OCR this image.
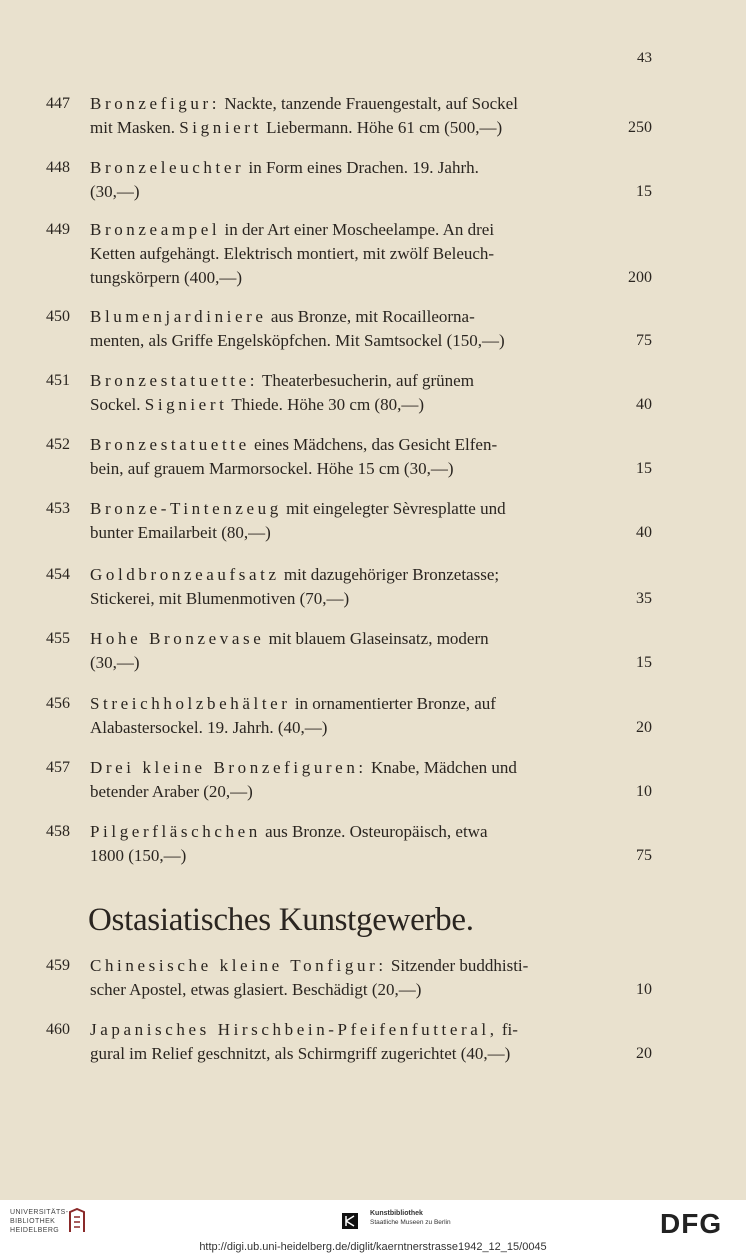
43
447 Bronzefigur: Nackte, tanzende Frauengestalt, auf Sockel
mit Masken. Signiert Liebermann. Höhe 61 cm (500,—)	250
448 Bronzeleuchter in Form eines Drachen. 19. Jahrh.
(30,—)	15
449 Bronzeampel in der Art einer Moscheelampe. An drei
Ketten aufgehängt. Elektrisch montiert, mit zwölf Beleuch-
tungskörpern (400,—)	200
450 Blumenjardiniere aus Bronze, mit Rocailleorna-
menten, als Griffe Engelsköpfchen. Mit Samtsockel (150,—)	75
451 Bronzestatuette: Theaterbesucherin, auf grünem
Sockel. Signiert Thiede. Höhe 30 cm (80,—)	40
452 Bronzestatuette eines Mädchens, das Gesicht Elfen-
bein, auf grauem Marmorsockel. Höhe 15 cm (30,—)	15
453 Bronze-Tintenzeug mit eingelegter Sèvresplatte und
bunter Emailarbeit (80,—)	40
454 Goldbronzeaufsatz mit dazugehöriger Bronzetasse;
Stickerei, mit Blumenmotiven (70,—)	35
455 Hohe Bronzevase mit blauem Glaseinsatz, modern
(30,—)	15
456 Streichholzbehälter in ornamentierter Bronze, auf
Alabastersockel. 19. Jahrh. (40,—)	20
457 Drei kleine Bronzefiguren: Knabe, Mädchen und
betender Araber (20,—)	10
458 Pilgerfläschchen aus Bronze. Osteuropäisch, etwa
1800 (150,—)	75
Ostasiatisches Kunstgewerbe.
459 Chinesische kleine Tonfigur: Sitzender buddhisti-
scher Apostel, etwas glasiert. Beschädigt (20,—)	10
460 Japanisches Hirschbein-Pfeifenfutteral, fi-
gural im Relief geschnitzt, als Schirmgriff zugerichtet (40,—)	20
UNIVERSITÄTS-
BIBLIOTHEK
HEIDELBERG
Kunstbibliothek
Staatliche Museen zu Berlin	DFG
http://digi.ub.uni-heidelberg.de/diglit/kaerntnerstrasse1942_12_15/0045
